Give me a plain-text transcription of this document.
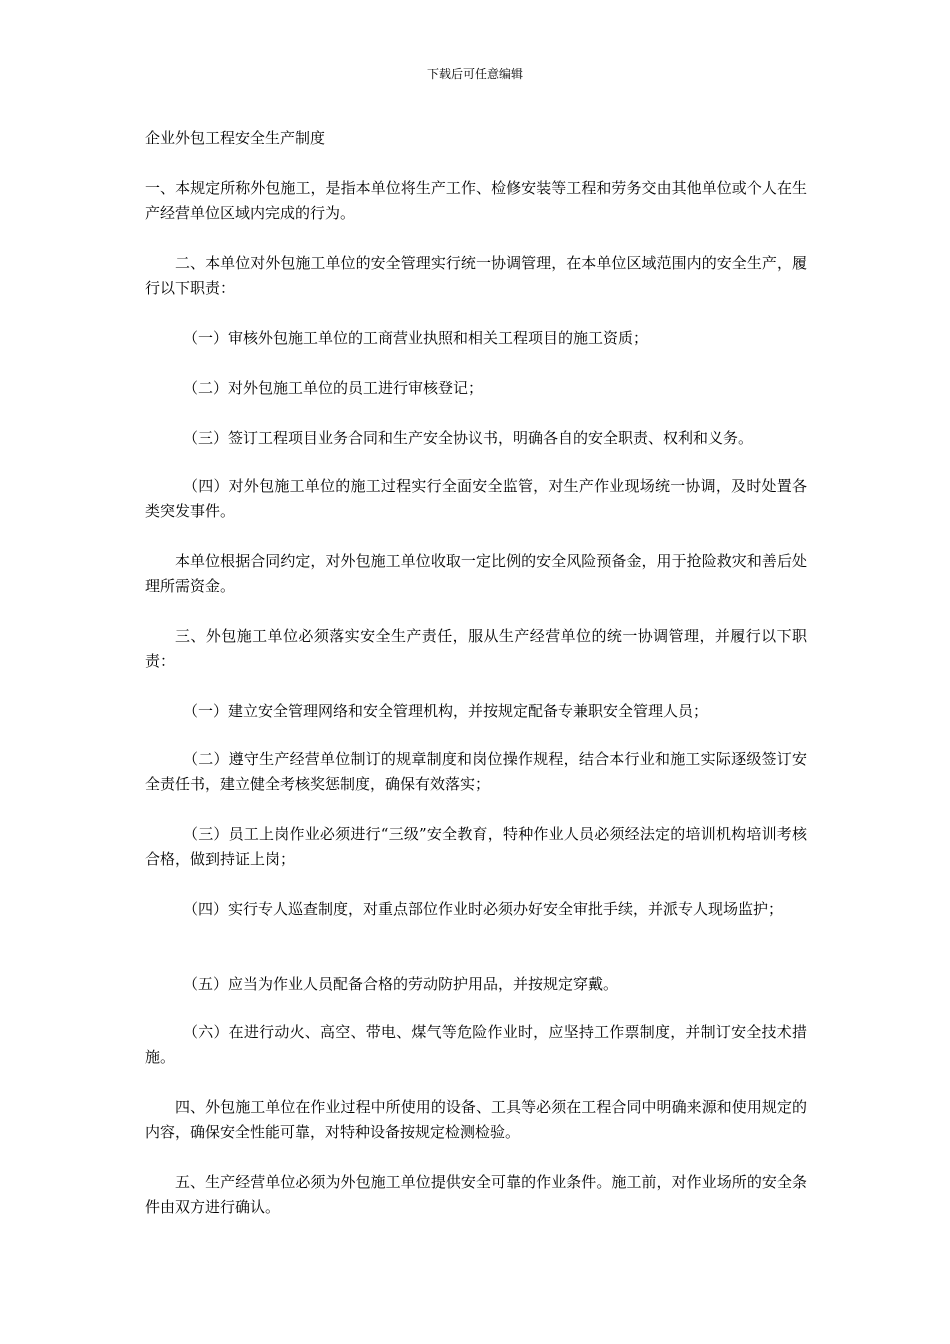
下载后可任意编辑
企业外包工程安全生产制度

一、本规定所称外包施工，是指本单位将生产工作、检修安装等工程和劳务交由其他单位或个人在生产经营单位区域内完成的行为。

二、本单位对外包施工单位的安全管理实行统一协调管理，在本单位区域范围内的安全生产，履行以下职责：

（一）审核外包施工单位的工商营业执照和相关工程项目的施工资质；

（二）对外包施工单位的员工进行审核登记；

（三）签订工程项目业务合同和生产安全协议书，明确各自的安全职责、权利和义务。

（四）对外包施工单位的施工过程实行全面安全监管，对生产作业现场统一协调，及时处置各类突发事件。

本单位根据合同约定，对外包施工单位收取一定比例的安全风险预备金，用于抢险救灾和善后处理所需资金。

三、外包施工单位必须落实安全生产责任，服从生产经营单位的统一协调管理，并履行以下职责：

（一）建立安全管理网络和安全管理机构，并按规定配备专兼职安全管理人员；

（二）遵守生产经营单位制订的规章制度和岗位操作规程，结合本行业和施工实际逐级签订安全责任书，建立健全考核奖惩制度，确保有效落实；

（三）员工上岗作业必须进行“三级”安全教育，特种作业人员必须经法定的培训机构培训考核合格，做到持证上岗；

（四）实行专人巡查制度，对重点部位作业时必须办好安全审批手续，并派专人现场监护；

（五）应当为作业人员配备合格的劳动防护用品，并按规定穿戴。

（六）在进行动火、高空、带电、煤气等危险作业时，应坚持工作票制度，并制订安全技术措施。

四、外包施工单位在作业过程中所使用的设备、工具等必须在工程合同中明确来源和使用规定的内容，确保安全性能可靠，对特种设备按规定检测检验。

五、生产经营单位必须为外包施工单位提供安全可靠的作业条件。施工前，对作业场所的安全条件由双方进行确认。
